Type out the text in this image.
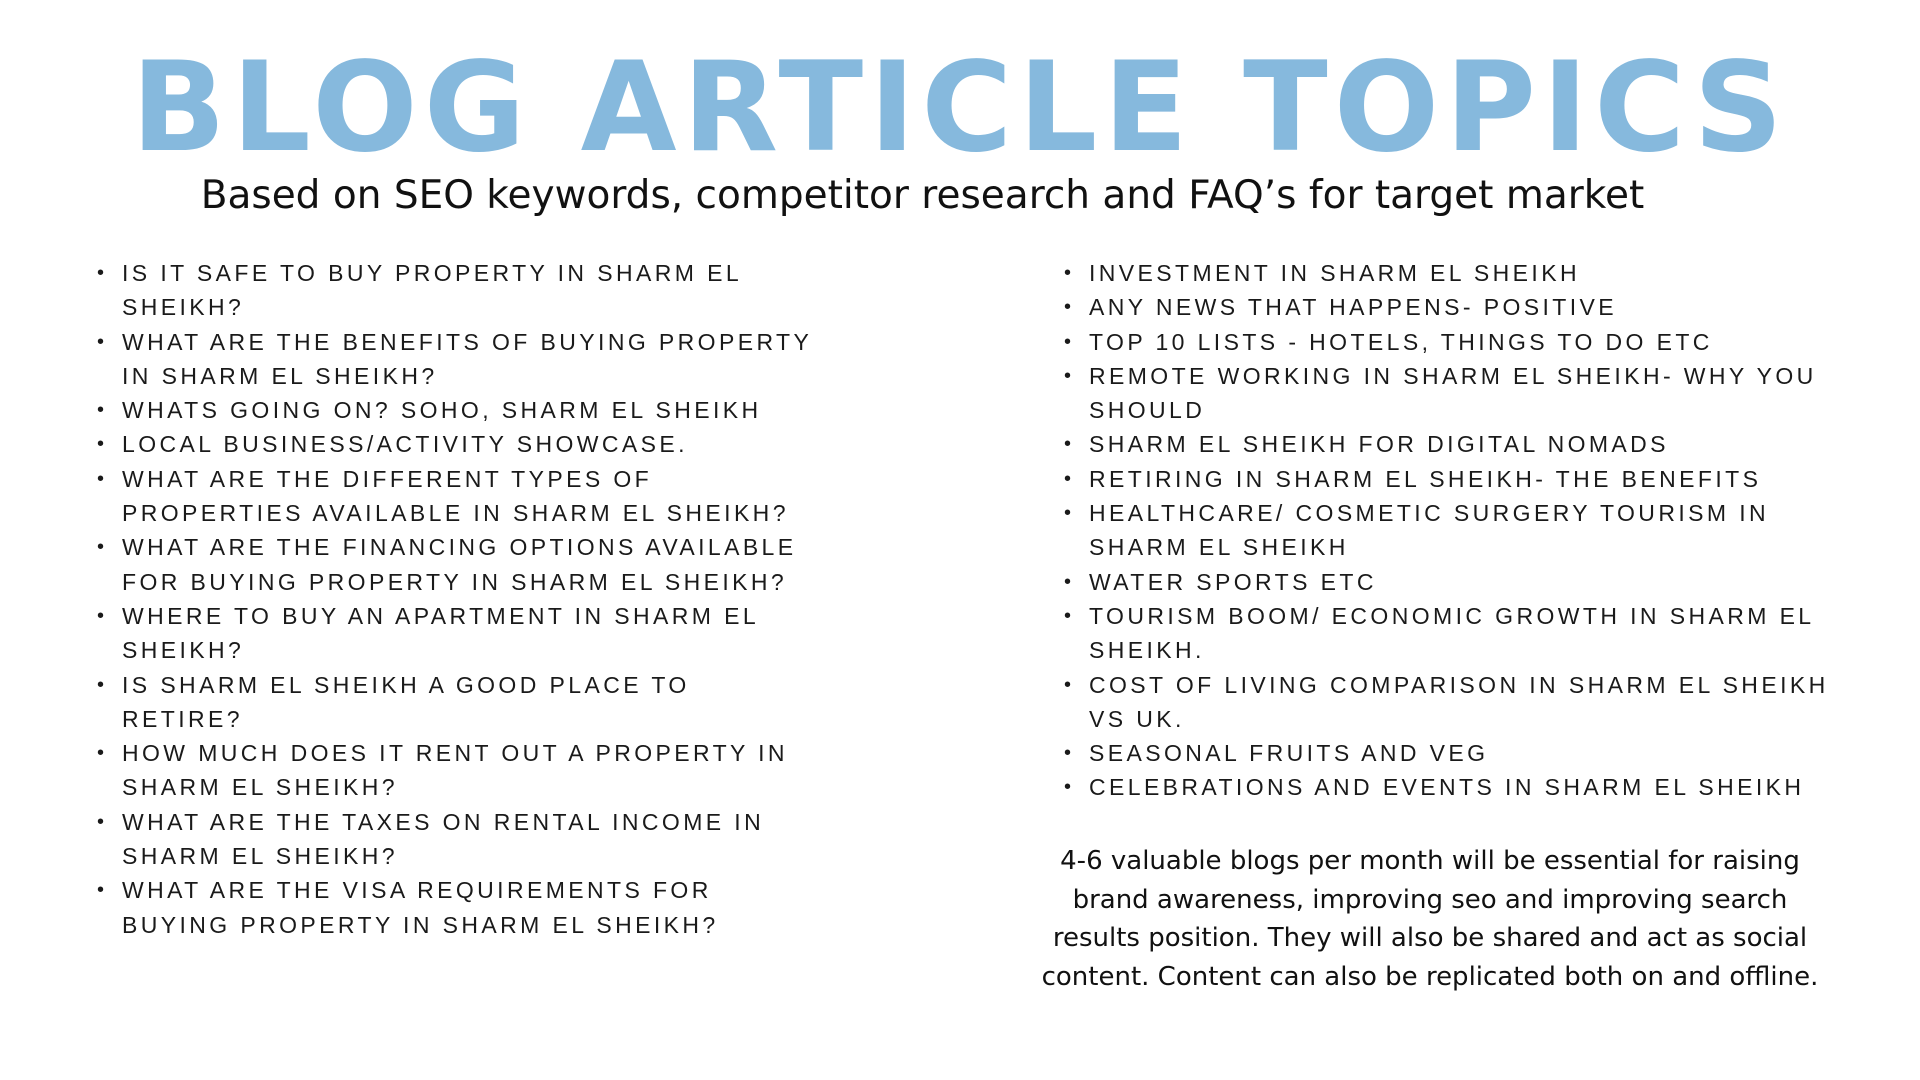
BLOG ARTICLE TOPICS

Based on SEO keywords, competitor research and FAQ’s for target market

• IS IT SAFE TO BUY PROPERTY IN SHARM EL SHEIKH?
• WHAT ARE THE BENEFITS OF BUYING PROPERTY IN SHARM EL SHEIKH?
• WHATS GOING ON? SOHO, SHARM EL SHEIKH
• LOCAL BUSINESS/ACTIVITY SHOWCASE.
• WHAT ARE THE DIFFERENT TYPES OF PROPERTIES AVAILABLE IN SHARM EL SHEIKH?
• WHAT ARE THE FINANCING OPTIONS AVAILABLE FOR BUYING PROPERTY IN SHARM EL SHEIKH?
• WHERE TO BUY AN APARTMENT IN SHARM EL SHEIKH?
• IS SHARM EL SHEIKH A GOOD PLACE TO RETIRE?
• HOW MUCH DOES IT RENT OUT A PROPERTY IN SHARM EL SHEIKH?
• WHAT ARE THE TAXES ON RENTAL INCOME IN SHARM EL SHEIKH?
• WHAT ARE THE VISA REQUIREMENTS FOR BUYING PROPERTY IN SHARM EL SHEIKH?
• INVESTMENT IN SHARM EL SHEIKH
• ANY NEWS THAT HAPPENS- POSITIVE
• TOP 10 LISTS - HOTELS, THINGS TO DO ETC
• REMOTE WORKING IN SHARM EL SHEIKH- WHY YOU SHOULD
• SHARM EL SHEIKH FOR DIGITAL NOMADS
• RETIRING IN SHARM EL SHEIKH- THE BENEFITS
• HEALTHCARE/ COSMETIC SURGERY TOURISM IN SHARM EL SHEIKH
• WATER SPORTS ETC
• TOURISM BOOM/ ECONOMIC GROWTH IN SHARM EL SHEIKH.
• COST OF LIVING COMPARISON IN SHARM EL SHEIKH VS UK.
• SEASONAL FRUITS AND VEG
• CELEBRATIONS AND EVENTS IN SHARM EL SHEIKH

4-6 valuable blogs per month will be essential for raising brand awareness, improving seo and improving search results position. They will also be shared and act as social content. Content can also be replicated both on and offline.
